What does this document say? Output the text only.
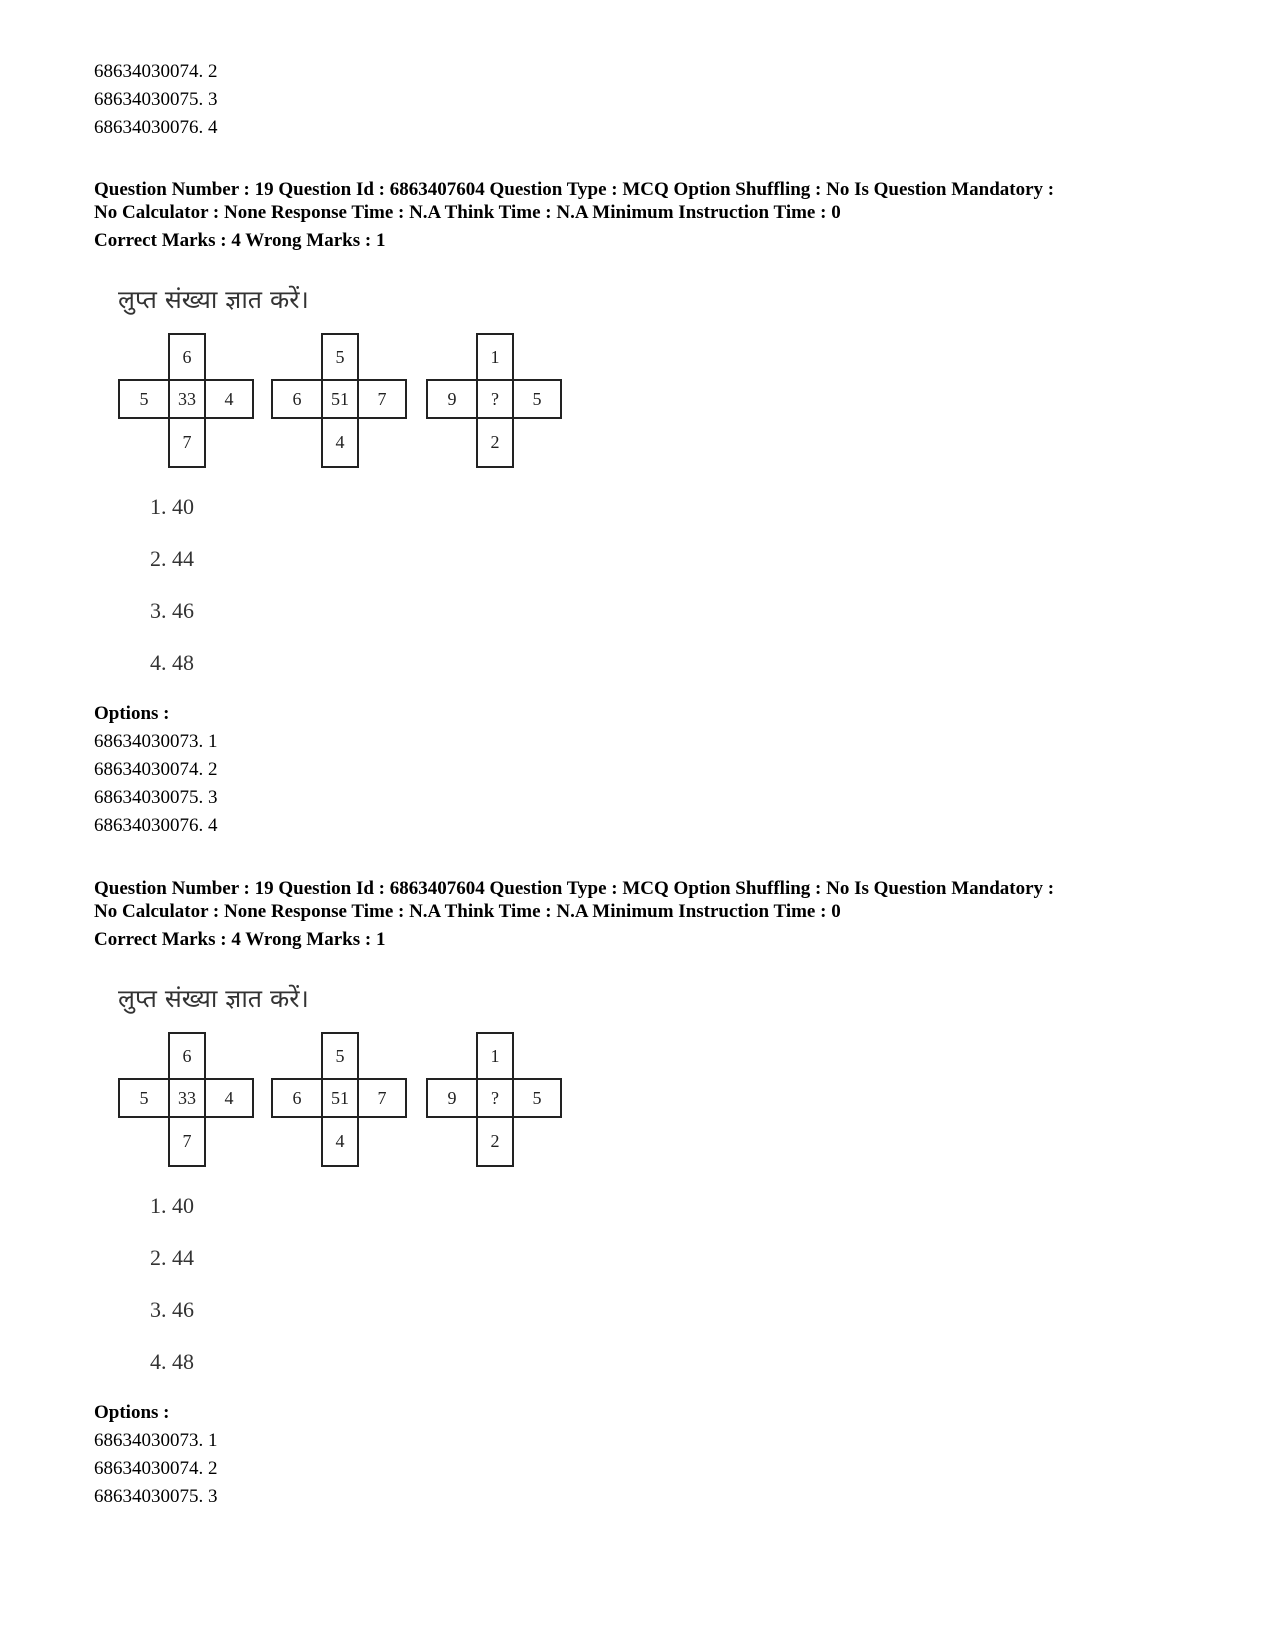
68634030074. 2
68634030075. 3
68634030076. 4
Question Number : 19 Question Id : 6863407604 Question Type : MCQ Option Shuffling : No Is Question Mandatory :
No Calculator : None Response Time : N.A Think Time : N.A Minimum Instruction Time : 0
Correct Marks : 4 Wrong Marks : 1
लुप्त संख्या ज्ञात करें।
6
5	33	4
7
5
6	51	7
4
1
9	?	5
2
1. 40
2. 44
3. 46
4. 48
Options :
68634030073. 1
68634030074. 2
68634030075. 3
68634030076. 4
Question Number : 19 Question Id : 6863407604 Question Type : MCQ Option Shuffling : No Is Question Mandatory :
No Calculator : None Response Time : N.A Think Time : N.A Minimum Instruction Time : 0
Correct Marks : 4 Wrong Marks : 1
लुप्त संख्या ज्ञात करें।
6
5	33	4
7
5
6	51	7
4
1
9	?	5
2
1. 40
2. 44
3. 46
4. 48
Options :
68634030073. 1
68634030074. 2
68634030075. 3
